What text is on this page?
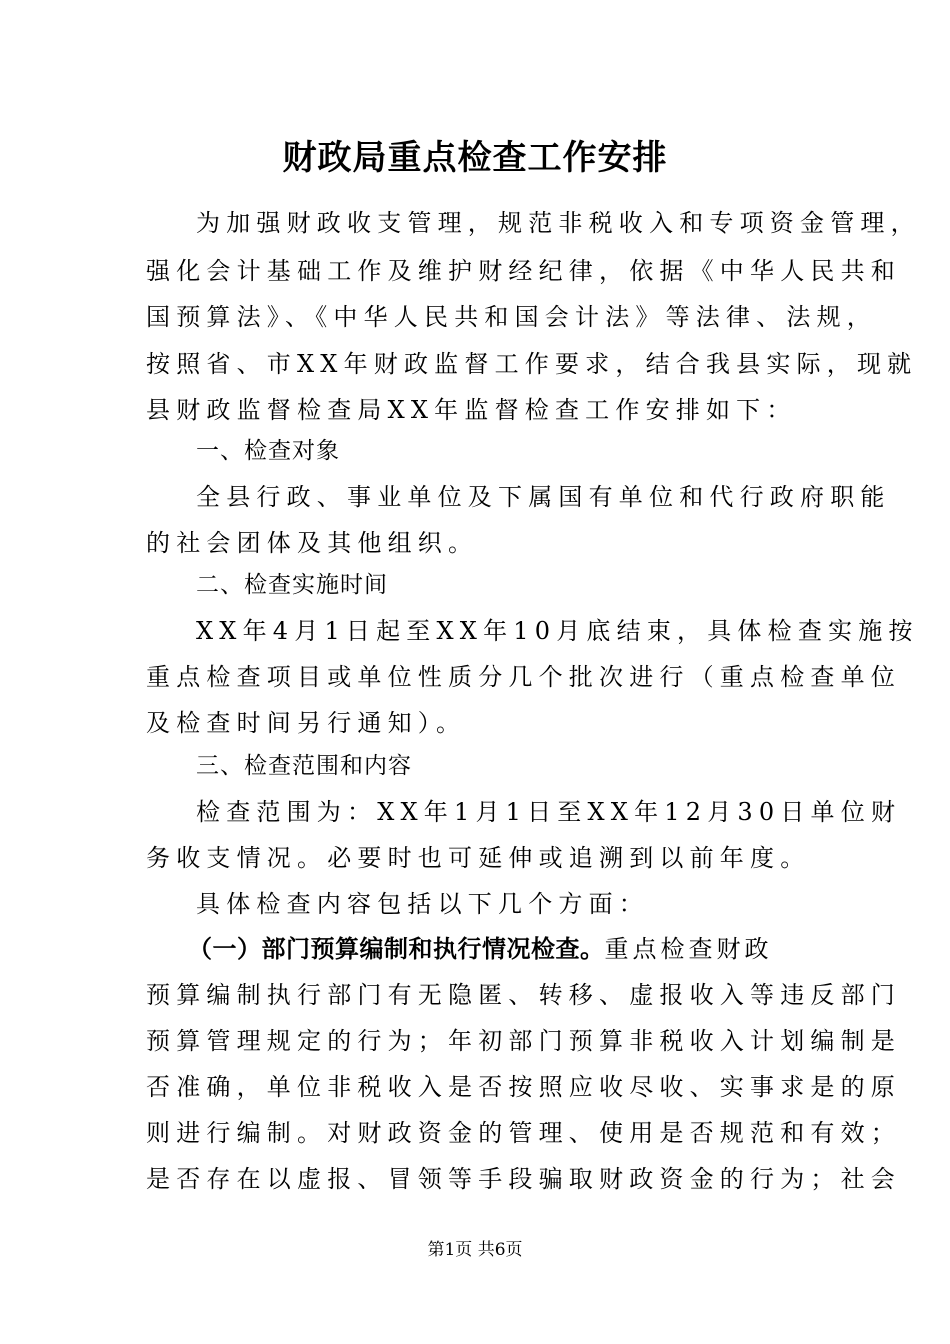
财政局重点检查工作安排
为加强财政收支管理，规范非税收入和专项资金管理，
强化会计基础工作及维护财经纪律，依据《中华人民共和
国预算法》、《中华人民共和国会计法》等法律、法规，
按照省、市XX年财政监督工作要求，结合我县实际，现就
县财政监督检查局XX年监督检查工作安排如下：
一、检查对象
全县行政、事业单位及下属国有单位和代行政府职能
的社会团体及其他组织。
二、检查实施时间
XX年4月1日起至XX年10月底结束，具体检查实施按
重点检查项目或单位性质分几个批次进行（重点检查单位
及检查时间另行通知）。
三、检查范围和内容
检查范围为：XX年1月1日至XX年12月30日单位财
务收支情况。必要时也可延伸或追溯到以前年度。
具体检查内容包括以下几个方面：
（一）部门预算编制和执行情况检查。重点检查财政
预算编制执行部门有无隐匿、转移、虚报收入等违反部门
预算管理规定的行为；年初部门预算非税收入计划编制是
否准确，单位非税收入是否按照应收尽收、实事求是的原
则进行编制。对财政资金的管理、使用是否规范和有效；
是否存在以虚报、冒领等手段骗取财政资金的行为；社会
第1页 共6页
